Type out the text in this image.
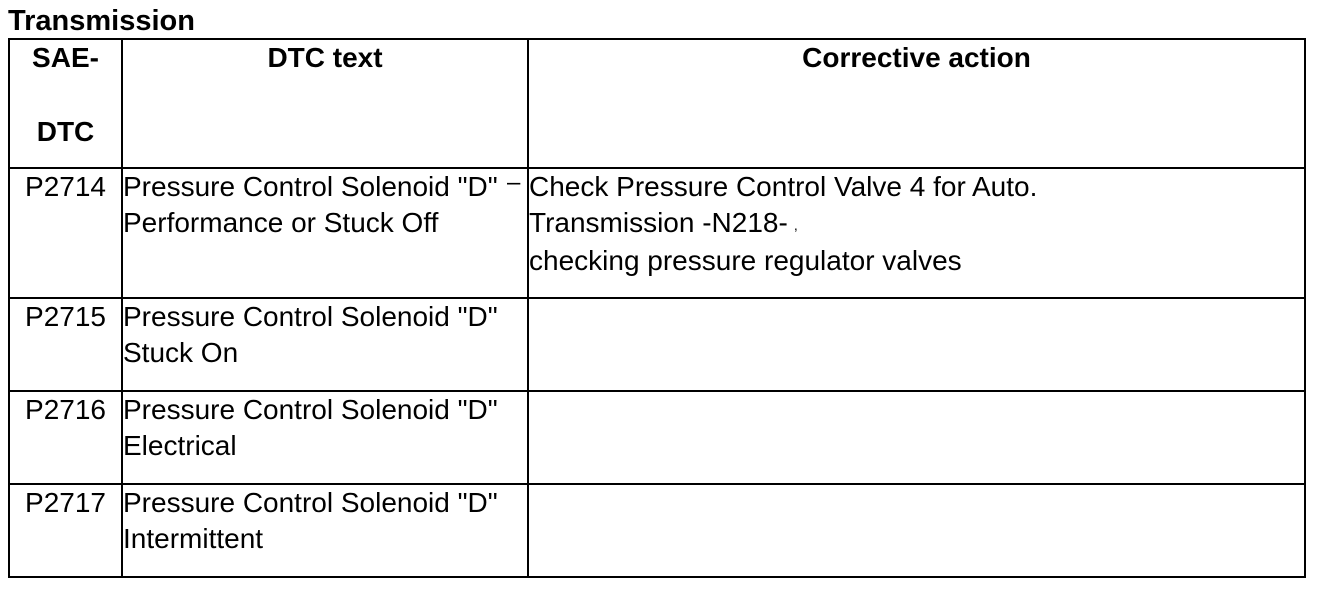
Transmission
SAE-
DTC	DTC text	Corrective action
P2714	Pressure Control Solenoid "D" Performance or Stuck Off	– Check Pressure Control Valve 4 for Auto.
Transmission -N218- ,
checking pressure regulator valves

P2715	Pressure Control Solenoid "D" Stuck On	
P2716	Pressure Control Solenoid "D" Electrical	
P2717	Pressure Control Solenoid "D" Intermittent	
